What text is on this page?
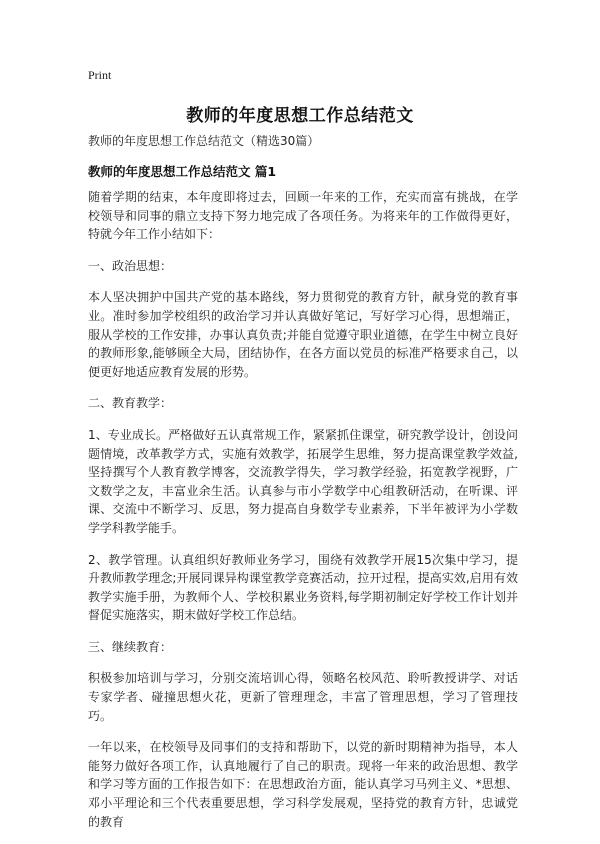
Print
教师的年度思想工作总结范文
教师的年度思想工作总结范文（精选30篇）
教师的年度思想工作总结范文 篇1

随着学期的结束，本年度即将过去，回顾一年来的工作，充实而富有挑战，在学校领导和同事的鼎立支持下努力地完成了各项任务。为将来年的工作做得更好，特就今年工作小结如下：

一、政治思想：

本人坚决拥护中国共产党的基本路线，努力贯彻党的教育方针，献身党的教育事业。准时参加学校组织的政治学习并认真做好笔记，写好学习心得，思想端正，服从学校的工作安排，办事认真负责;并能自觉遵守职业道德，在学生中树立良好的教师形象,能够顾全大局，团结协作，在各方面以党员的标准严格要求自己，以便更好地适应教育发展的形势。

二、教育教学：

1、专业成长。严格做好五认真常规工作，紧紧抓住课堂，研究教学设计，创设问题情境，改革教学方式，实施有效教学，拓展学生思维，努力提高课堂教学效益,坚持撰写个人教育教学博客，交流教学得失，学习教学经验，拓宽教学视野，广文数学之友，丰富业余生活。认真参与市小学数学中心组教研活动，在听课、评课、交流中不断学习、反思，努力提高自身数学专业素养，下半年被评为小学数学学科教学能手。

2、教学管理。认真组织好教师业务学习，围绕有效教学开展15次集中学习，提升教师教学理念;开展同课异构课堂教学竞赛活动，拉开过程，提高实效,启用有效教学实施手册，为教师个人、学校积累业务资料,每学期初制定好学校工作计划并督促实施落实，期末做好学校工作总结。

三、继续教育：

积极参加培训与学习，分别交流培训心得，领略名校风范、聆听教授讲学、对话专家学者、碰撞思想火花，更新了管理理念，丰富了管理思想，学习了管理技巧。

一年以来，在校领导及同事们的支持和帮助下，以党的新时期精神为指导，本人能努力做好各项工作，认真地履行了自己的职责。现将一年来的政治思想、教学和学习等方面的工作报告如下：在思想政治方面，能认真学习马列主义、*思想、邓小平理论和三个代表重要思想，学习科学发展观，坚持党的教育方针，忠诚党的教育
